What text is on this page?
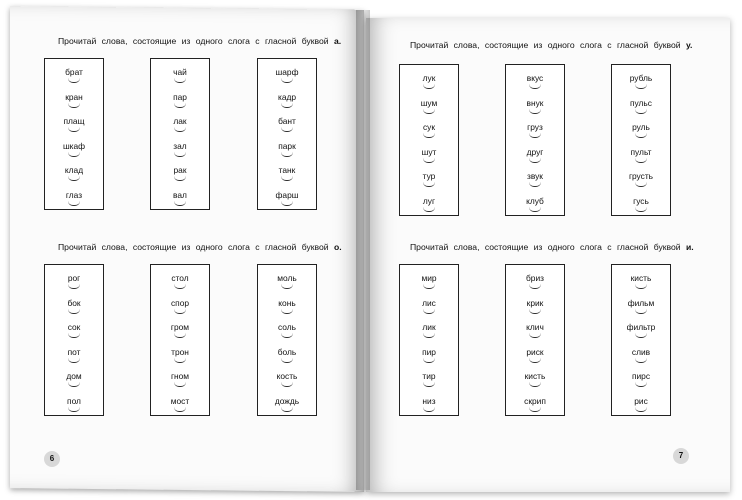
Прочитай слова, состоящие из одного слога с гласной буквой а.
Прочитай слова, состоящие из одного слога с гласной буквой о.
Прочитай слова, состоящие из одного слога с гласной буквой у.
Прочитай слова, состоящие из одного слога с гласной буквой и.
брат
кран
плащ
шкаф
клад
глаз
чай
пар
лак
зал
рак
вал
шарф
кадр
бант
парк
танк
фарш
рог
бок
сок
пот
дом
пол
стол
спор
гром
трон
гном
мост
моль
конь
соль
боль
кость
дождь
лук
шум
сук
шут
тур
луг
вкус
внук
груз
друг
звук
клуб
рубль
пульс
руль
пульт
грусть
гусь
мир
лис
лик
пир
тир
низ
бриз
крик
клич
риск
кисть
скрип
кисть
фильм
фильтр
слив
пирс
рис
6	7
